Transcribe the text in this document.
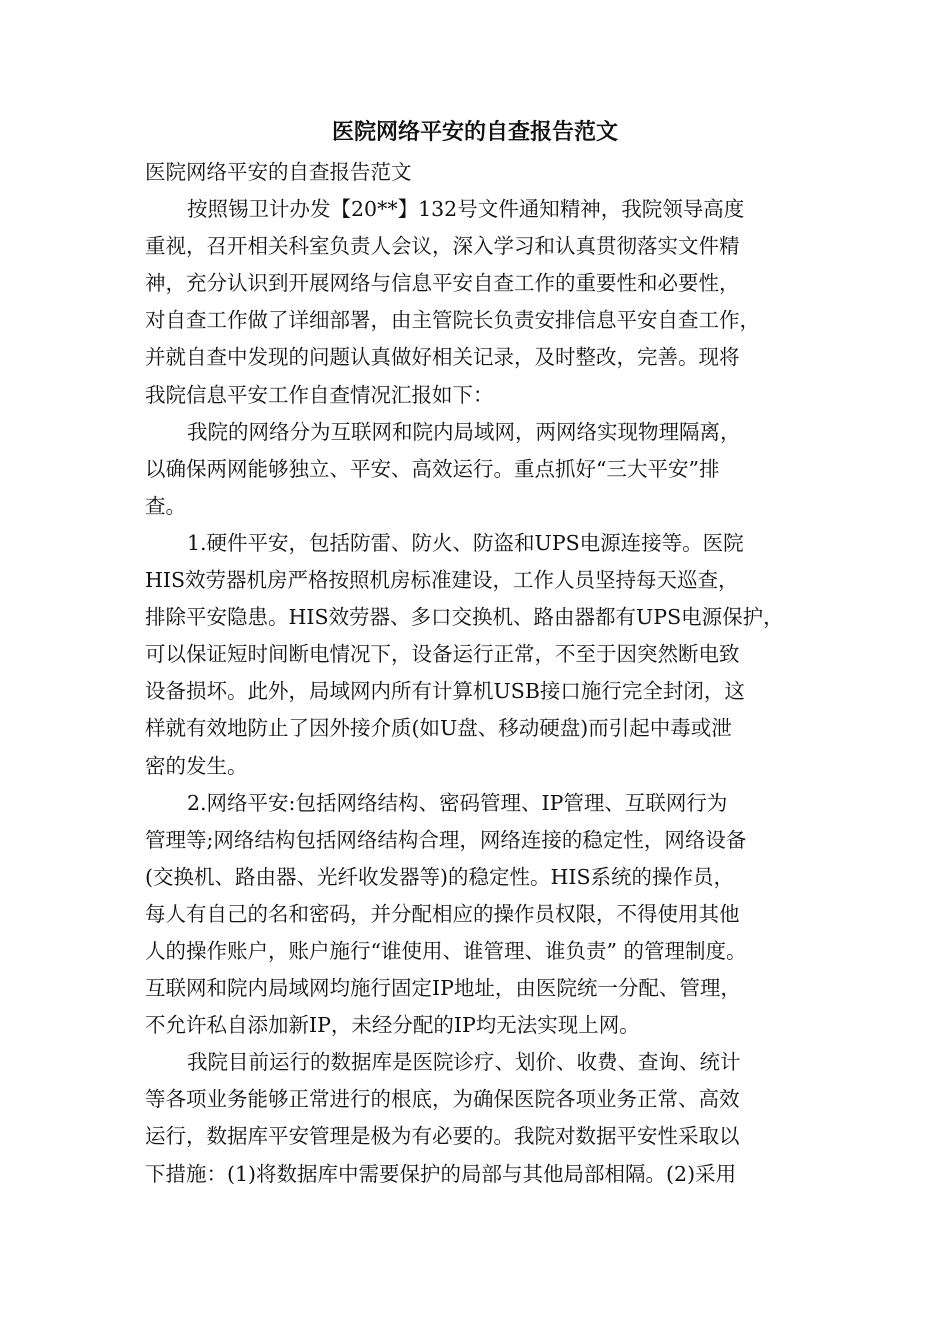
医院网络平安的自查报告范文

医院网络平安的自查报告范文

按照锡卫计办发【20**】132号文件通知精神，我院领导高度

重视，召开相关科室负责人会议，深入学习和认真贯彻落实文件精

神，充分认识到开展网络与信息平安自查工作的重要性和必要性，

对自查工作做了详细部署，由主管院长负责安排信息平安自查工作，

并就自查中发现的问题认真做好相关记录，及时整改，完善。现将

我院信息平安工作自查情况汇报如下：

我院的网络分为互联网和院内局域网，两网络实现物理隔离，

以确保两网能够独立、平安、高效运行。重点抓好“三大平安”排

查。

1.硬件平安，包括防雷、防火、防盗和UPS电源连接等。医院

HIS效劳器机房严格按照机房标准建设，工作人员坚持每天巡查，

排除平安隐患。HIS效劳器、多口交换机、路由器都有UPS电源保护，

可以保证短时间断电情况下，设备运行正常，不至于因突然断电致

设备损坏。此外，局域网内所有计算机USB接口施行完全封闭，这

样就有效地防止了因外接介质(如U盘、移动硬盘)而引起中毒或泄

密的发生。

2.网络平安:包括网络结构、密码管理、IP管理、互联网行为

管理等;网络结构包括网络结构合理，网络连接的稳定性，网络设备

(交换机、路由器、光纤收发器等)的稳定性。HIS系统的操作员，

每人有自己的名和密码，并分配相应的操作员权限，不得使用其他

人的操作账户，账户施行“谁使用、谁管理、谁负责” 的管理制度。

互联网和院内局域网均施行固定IP地址，由医院统一分配、管理，

不允许私自添加新IP，未经分配的IP均无法实现上网。

我院目前运行的数据库是医院诊疗、划价、收费、查询、统计

等各项业务能够正常进行的根底，为确保医院各项业务正常、高效

运行，数据库平安管理是极为有必要的。我院对数据平安性采取以

下措施：(1)将数据库中需要保护的局部与其他局部相隔。(2)采用
